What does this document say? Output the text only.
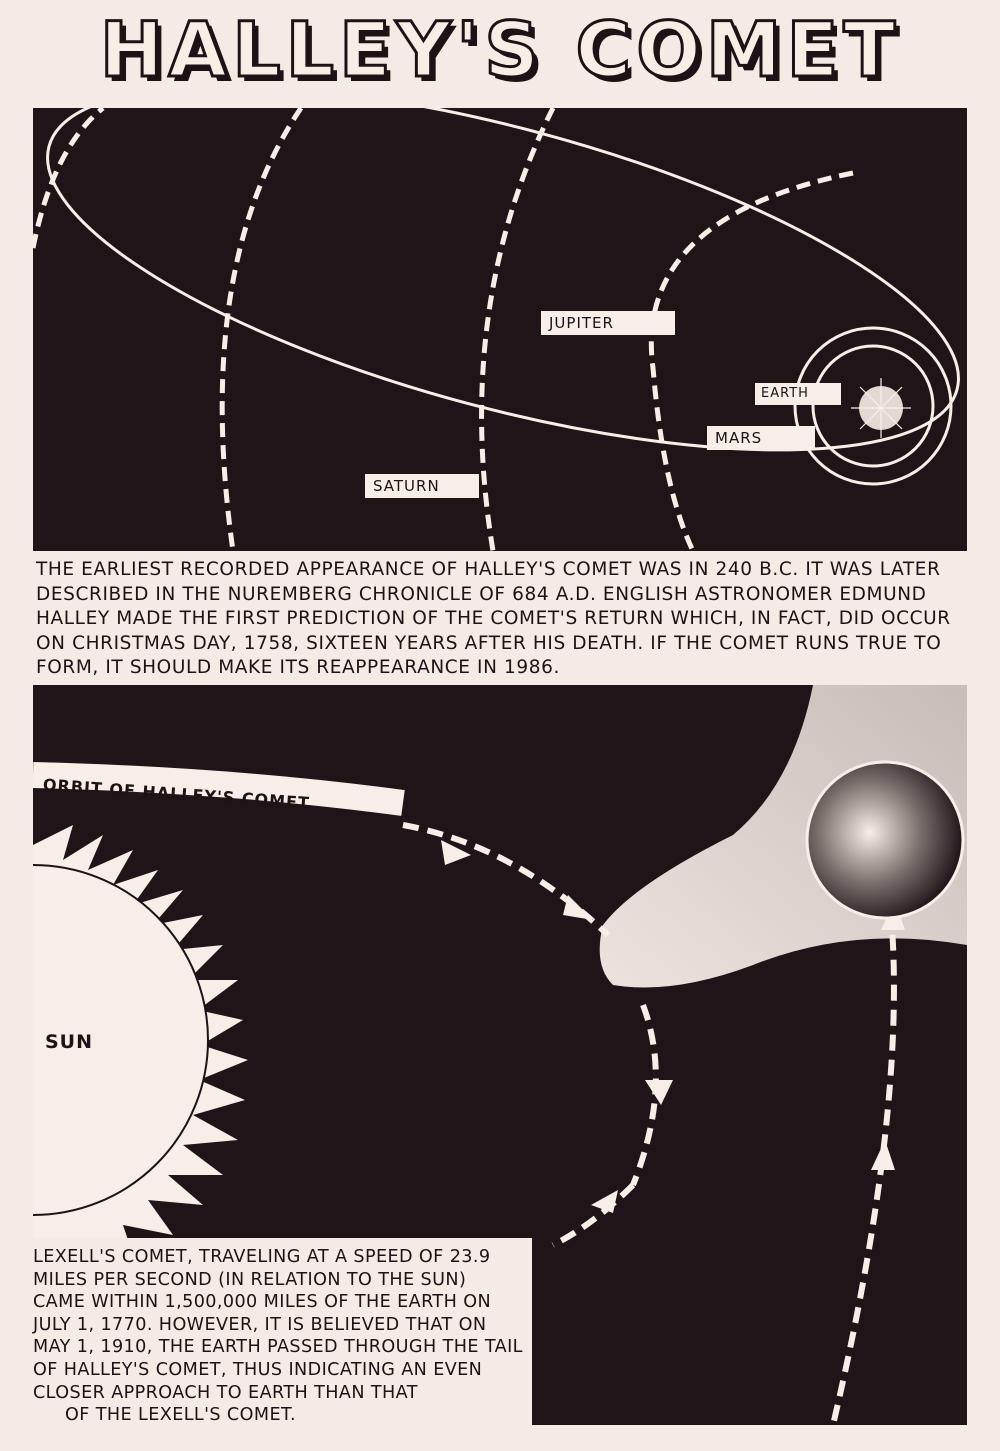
HALLEY'S COMET
JUPITER
EARTH
MARS
SATURN
THE EARLIEST RECORDED APPEARANCE OF HALLEY'S COMET WAS IN 240 B.C. IT WAS LATER DESCRIBED IN THE NUREMBERG CHRONICLE OF 684 A.D. ENGLISH ASTRONOMER EDMUND HALLEY MADE THE FIRST PREDICTION OF THE COMET'S RETURN WHICH, IN FACT, DID OCCUR ON CHRISTMAS DAY, 1758, SIXTEEN YEARS AFTER HIS DEATH. IF THE COMET RUNS TRUE TO FORM, IT SHOULD MAKE ITS REAPPEARANCE IN 1986.
SUN
ORBIT OF HALLEY'S COMET

LEXELL'S COMET, TRAVELING AT A SPEED OF 23.9 MILES PER SECOND (IN RELATION TO THE SUN) CAME WITHIN 1,500,000 MILES OF THE EARTH ON JULY 1, 1770. HOWEVER, IT IS BELIEVED THAT ON MAY 1, 1910, THE EARTH PASSED THROUGH THE TAIL OF HALLEY'S COMET, THUS INDICATING AN EVEN CLOSER APPROACH TO EARTH THAN THAT
OF THE LEXELL'S COMET.
